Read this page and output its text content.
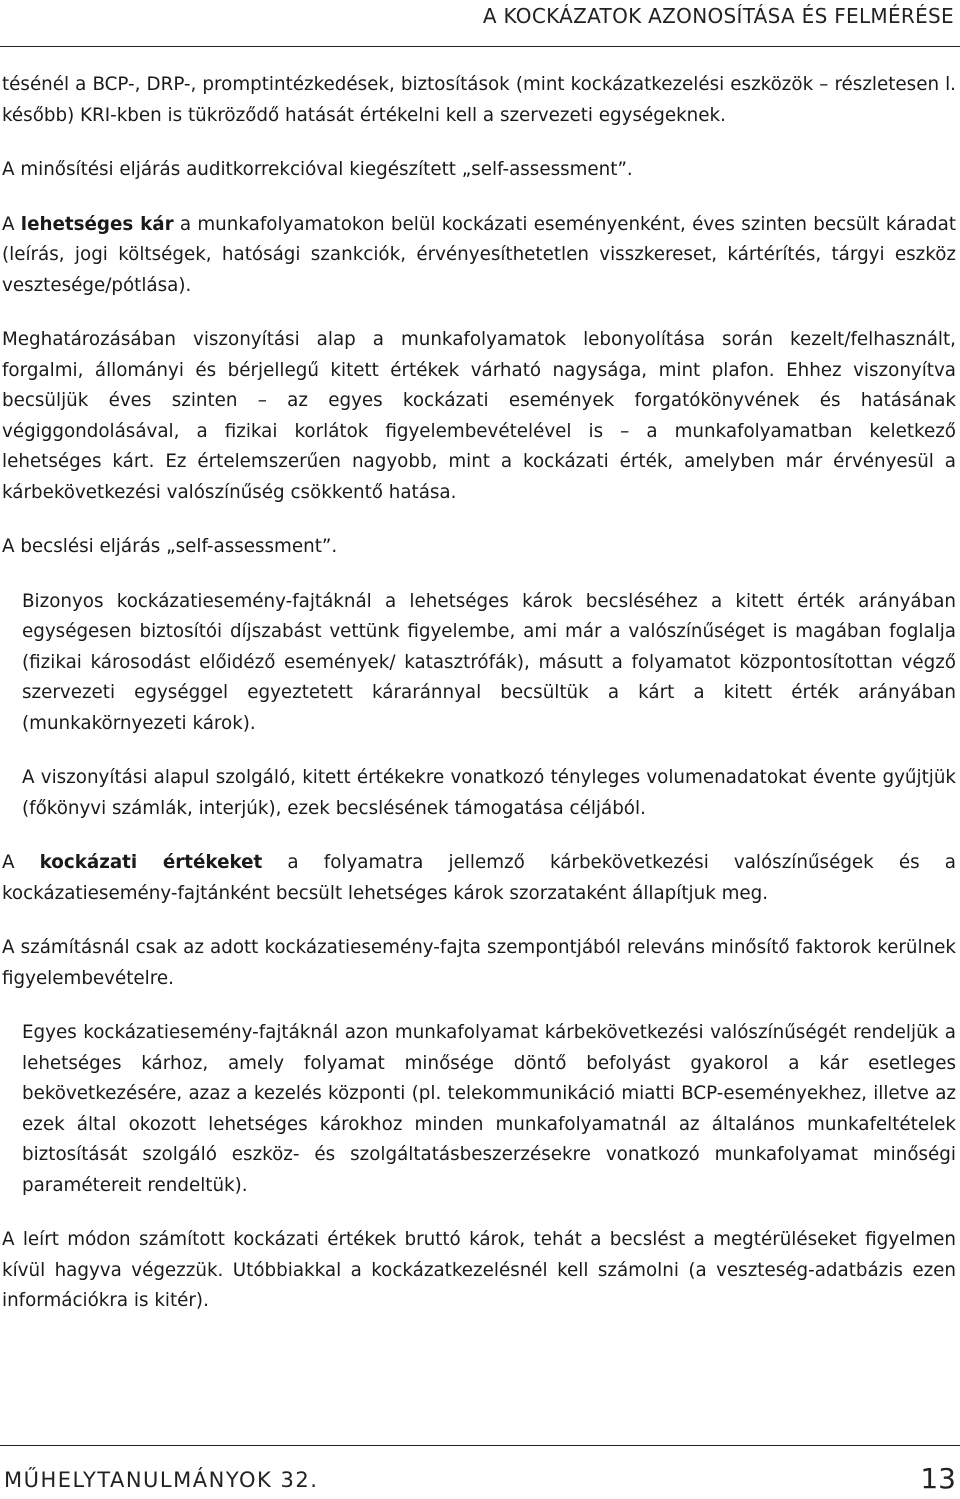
A KOCKÁZATOK AZONOSÍTÁSA ÉS FELMÉRÉSE

tésénél a BCP-, DRP-, promptintézkedések, biztosítások (mint kockázatkezelési eszközök – részletesen l. később) KRI-kben is tükröződő hatását értékelni kell a szervezeti egységeknek.

A minősítési eljárás auditkorrekcióval kiegészített „self-assessment”.

A lehetséges kár a munkafolyamatokon belül kockázati eseményenként, éves szinten becsült káradat (leírás, jogi költségek, hatósági szankciók, érvényesíthetetlen visszkereset, kártérítés, tárgyi eszköz vesztesége/pótlása).

Meghatározásában viszonyítási alap a munkafolyamatok lebonyolítása során kezelt/felhasznált, forgalmi, állományi és bérjellegű kitett értékek várható nagysága, mint plafon. Ehhez viszonyítva becsüljük éves szinten – az egyes kockázati események forgatókönyvének és hatásának végiggondolásával, a fizikai korlátok figyelembevételével is – a munkafolyamatban keletkező lehetséges kárt. Ez értelemszerűen nagyobb, mint a kockázati érték, amelyben már érvényesül a kárbekövetkezési valószínűség csökkentő hatása.

A becslési eljárás „self-assessment”.

Bizonyos kockázatiesemény-fajtáknál a lehetséges károk becsléséhez a kitett érték arányában egységesen biztosítói díjszabást vettünk figyelembe, ami már a valószínűséget is magában foglalja (fizikai károsodást előidéző események/ katasztrófák), másutt a folyamatot központosítottan végző szervezeti egységgel egyeztetett káraránnyal becsültük a kárt a kitett érték arányában (munkakörnyezeti károk).

A viszonyítási alapul szolgáló, kitett értékekre vonatkozó tényleges volumenadatokat évente gyűjtjük (főkönyvi számlák, interjúk), ezek becslésének támogatása céljából.

A kockázati értékeket a folyamatra jellemző kárbekövetkezési valószínűségek és a kockázatiesemény-fajtánként becsült lehetséges károk szorzataként állapítjuk meg.

A számításnál csak az adott kockázatiesemény-fajta szempontjából releváns minősítő faktorok kerülnek figyelembevételre.

Egyes kockázatiesemény-fajtáknál azon munkafolyamat kárbekövetkezési valószínűségét rendeljük a lehetséges kárhoz, amely folyamat minősége döntő befolyást gyakorol a kár esetleges bekövetkezésére, azaz a kezelés központi (pl. telekommunikáció miatti BCP-eseményekhez, illetve az ezek által okozott lehetséges károkhoz minden munkafolyamatnál az általános munkafeltételek biztosítását szolgáló eszköz- és szolgáltatásbeszerzésekre vonatkozó munkafolyamat minőségi paramétereit rendeltük).

A leírt módon számított kockázati értékek bruttó károk, tehát a becslést a megtérüléseket figyelmen kívül hagyva végezzük. Utóbbiakkal a kockázatkezelésnél kell számolni (a veszteség-adatbázis ezen információkra is kitér).

MŰHELYTANULMÁNYOK 32.	13
